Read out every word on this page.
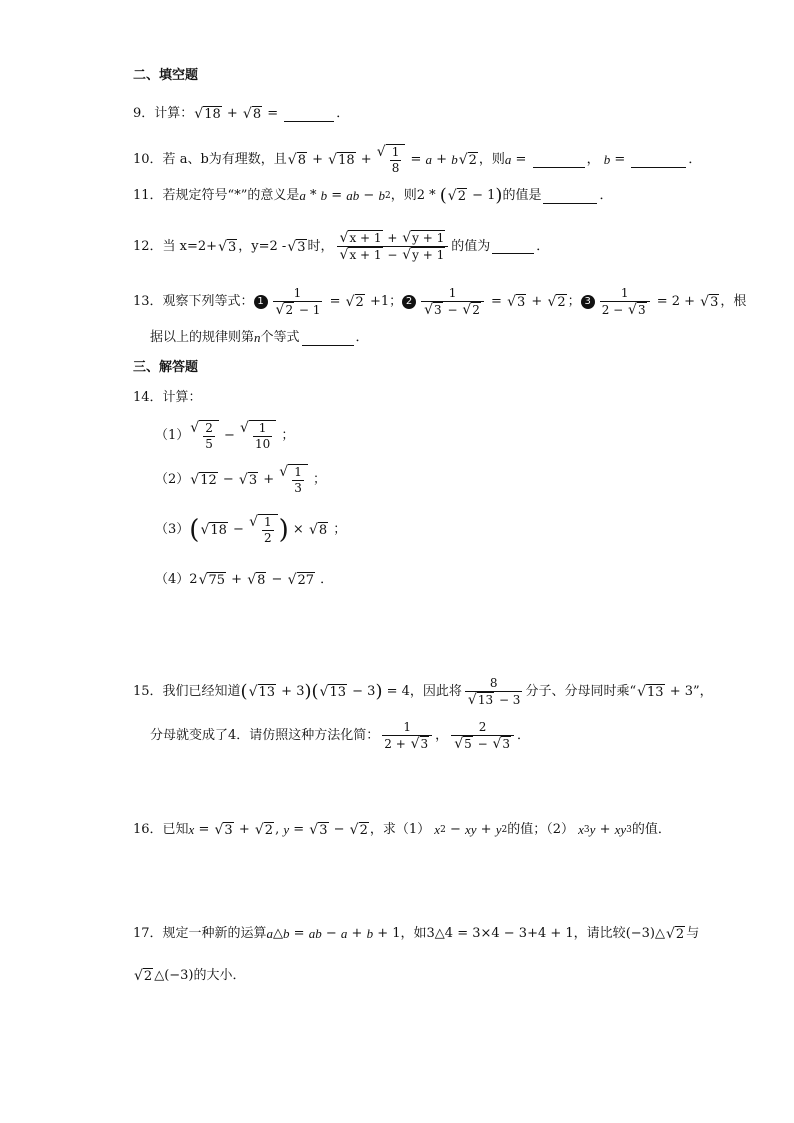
二、填空题
9．计算： √ 18 + √ 8 =	．
10．若
a、b为有理数，且 √ 8 + √ 18 + √ $\frac{1}{8} = a + b$ √ 2 ，则 a =	，
b =	．
11．若规定符号“*”的意义是 a * b = ab − b 2 ，则 2 * ( √ 2 − 1 ) 的值是	．
12．当 x=2+ √ 3 ，y=2 - √ 3 时， $\frac{√ x + 1 + √ y + 1}{√ x + 1 - √ y + 1}$ 的值为	．
13．观察下列等式： $1 \frac{1}{√ 2 - 1}$ = √ 2 +1； $2 \frac{1}{√ 3 - √ 2}$ = √ 3 + √ 2 ； $3 \frac{1}{2 - √ 3} = 2$ + √ 3 ，根
据以上的规律则第 n 个等式	．
三、解答题
14．计算：
（1） √ $\frac{2}{5}$ − √ $\frac{1}{10}$ ；
（2） √ 12 − √ 3 + √ $\frac{1}{3}$ ；
（3） ( √ 18 − √ $\frac{1}{2}$ ) × √ 8 ；
（4） 2 √ 75 + √ 8 − √ 27 ．
15．我们已经知道 ( √ 13 + 3 )( √ 13 − 3 ) = 4 ，因此将 $\frac{8}{√ 13 - 3}$ 分子、分母同时乘“ √ 13 + 3 ”，
分母就变成了4．请仿照这种方法化简： $\frac{1}{2 + √ 3}$ ， $\frac{2}{√ 5 - √ 3}$ ．
16．已知 x = √ 3 + √ 2 , y = √ 3 − √ 2 ，求（1）
x 2 − xy + y 2 的值；（2）
x 3 y + xy 3 的值．
17．规定一种新的运算 a △ b = ab − a + b + 1 ，如 3△4 = 3×4 − 3+4 + 1 ，请比较 (−3)△ √ 2 与
√ 2 △(−3) 的大小．
